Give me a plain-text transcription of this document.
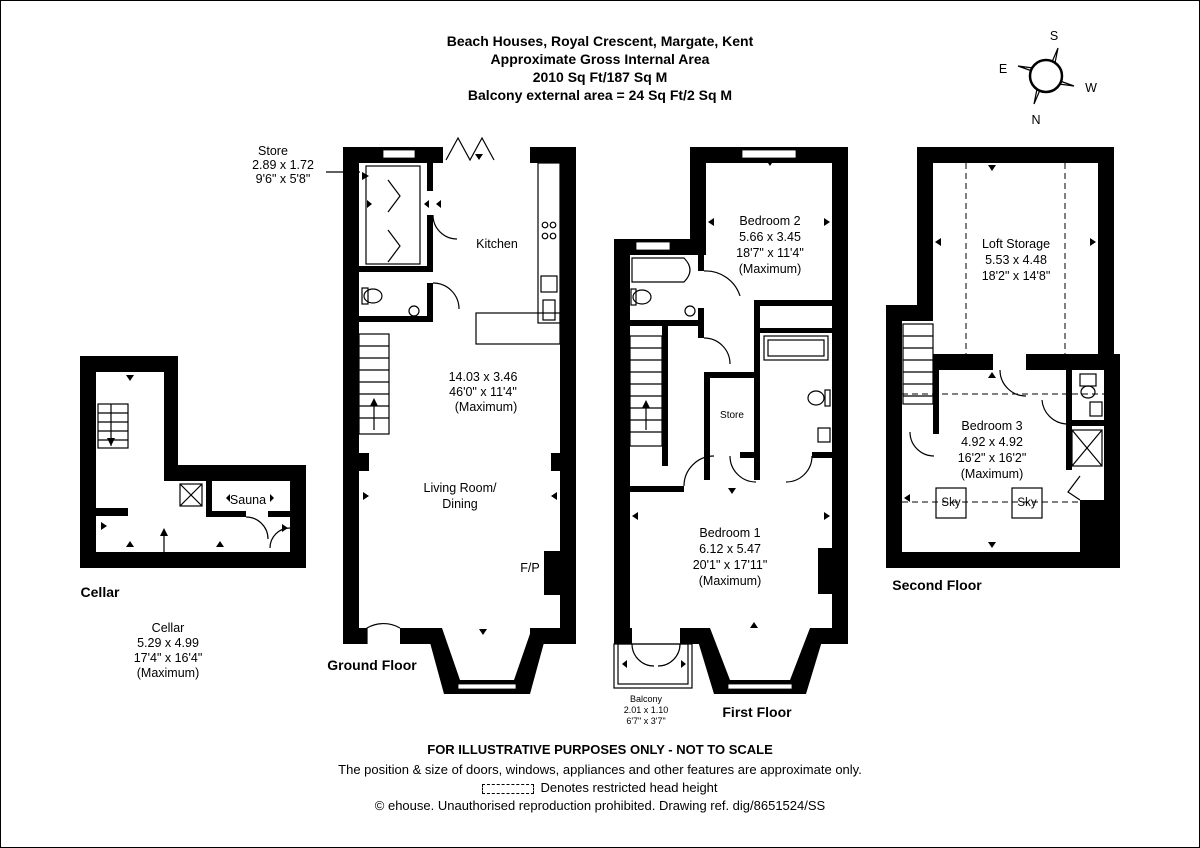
Beach Houses, Royal Crescent, Margate, Kent
Approximate Gross Internal Area
2010 Sq Ft/187 Sq M
Balcony external area = 24 Sq Ft/2 Sq M
S
E
W
N
Sauna
Cellar
Cellar
5.29 x 4.99
17'4" x 16'4"
(Maximum)
Store
2.89 x 1.72
9'6" x 5'8"
Kitchen
14.03 x 3.46
46'0" x 11'4"
(Maximum)
Living Room/
Dining
F/P
Ground Floor
Bedroom 2
5.66 x 3.45
18'7" x 11'4"
(Maximum)
Store
Bedroom 1
6.12 x 5.47
20'1" x 17'11"
(Maximum)
Balcony
2.01 x 1.10
6'7" x 3'7"
First Floor
Loft Storage
5.53 x 4.48
18'2" x 14'8"
Bedroom 3
4.92 x 4.92
16'2" x 16'2"
(Maximum)
Sky	Sky
Second Floor
FOR ILLUSTRATIVE PURPOSES ONLY - NOT TO SCALE
The position & size of doors, windows, appliances and other features are approximate only.
Denotes restricted head height
© ehouse. Unauthorised reproduction prohibited. Drawing ref. dig/8651524/SS
